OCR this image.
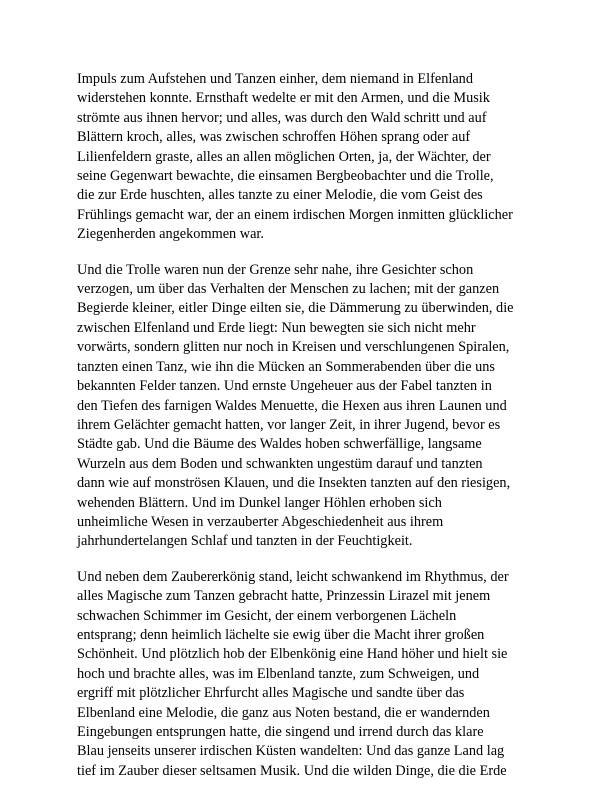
Impuls zum Aufstehen und Tanzen einher, dem niemand in Elfenland
widerstehen konnte. Ernsthaft wedelte er mit den Armen, und die Musik
strömte aus ihnen hervor; und alles, was durch den Wald schritt und auf
Blättern kroch, alles, was zwischen schroffen Höhen sprang oder auf
Lilienfeldern graste, alles an allen möglichen Orten, ja, der Wächter, der
seine Gegenwart bewachte, die einsamen Bergbeobachter und die Trolle,
die zur Erde huschten, alles tanzte zu einer Melodie, die vom Geist des
Frühlings gemacht war, der an einem irdischen Morgen inmitten glücklicher
Ziegenherden angekommen war.

Und die Trolle waren nun der Grenze sehr nahe, ihre Gesichter schon
verzogen, um über das Verhalten der Menschen zu lachen; mit der ganzen
Begierde kleiner, eitler Dinge eilten sie, die Dämmerung zu überwinden, die
zwischen Elfenland und Erde liegt: Nun bewegten sie sich nicht mehr
vorwärts, sondern glitten nur noch in Kreisen und verschlungenen Spiralen,
tanzten einen Tanz, wie ihn die Mücken an Sommerabenden über die uns
bekannten Felder tanzen. Und ernste Ungeheuer aus der Fabel tanzten in
den Tiefen des farnigen Waldes Menuette, die Hexen aus ihren Launen und
ihrem Gelächter gemacht hatten, vor langer Zeit, in ihrer Jugend, bevor es
Städte gab. Und die Bäume des Waldes hoben schwerfällige, langsame
Wurzeln aus dem Boden und schwankten ungestüm darauf und tanzten
dann wie auf monströsen Klauen, und die Insekten tanzten auf den riesigen,
wehenden Blättern. Und im Dunkel langer Höhlen erhoben sich
unheimliche Wesen in verzauberter Abgeschiedenheit aus ihrem
jahrhundertelangen Schlaf und tanzten in der Feuchtigkeit.

Und neben dem Zaubererkönig stand, leicht schwankend im Rhythmus, der
alles Magische zum Tanzen gebracht hatte, Prinzessin Lirazel mit jenem
schwachen Schimmer im Gesicht, der einem verborgenen Lächeln
entsprang; denn heimlich lächelte sie ewig über die Macht ihrer großen
Schönheit. Und plötzlich hob der Elbenkönig eine Hand höher und hielt sie
hoch und brachte alles, was im Elbenland tanzte, zum Schweigen, und
ergriff mit plötzlicher Ehrfurcht alles Magische und sandte über das
Elbenland eine Melodie, die ganz aus Noten bestand, die er wandernden
Eingebungen entsprungen hatte, die singend und irrend durch das klare
Blau jenseits unserer irdischen Küsten wandelten: Und das ganze Land lag
tief im Zauber dieser seltsamen Musik. Und die wilden Dinge, die die Erde
